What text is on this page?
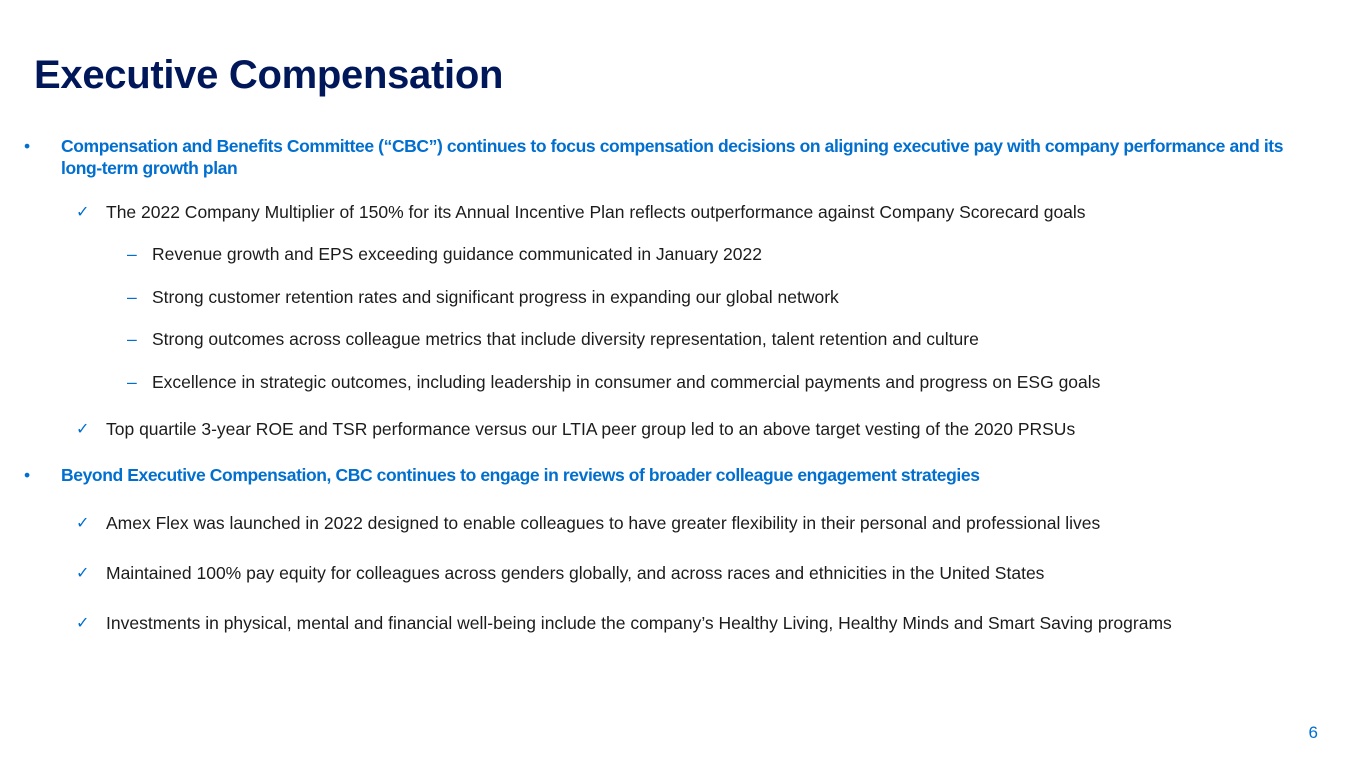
Executive Compensation
• Compensation and Benefits Committee (“CBC”) continues to focus compensation decisions on aligning executive pay with company performance and its long-term growth plan
✓ The 2022 Company Multiplier of 150% for its Annual Incentive Plan reflects outperformance against Company Scorecard goals
– Revenue growth and EPS exceeding guidance communicated in January 2022
– Strong customer retention rates and significant progress in expanding our global network
– Strong outcomes across colleague metrics that include diversity representation, talent retention and culture
– Excellence in strategic outcomes, including leadership in consumer and commercial payments and progress on ESG goals
✓ Top quartile 3-year ROE and TSR performance versus our LTIA peer group led to an above target vesting of the 2020 PRSUs
• Beyond Executive Compensation, CBC continues to engage in reviews of broader colleague engagement strategies
✓ Amex Flex was launched in 2022 designed to enable colleagues to have greater flexibility in their personal and professional lives
✓ Maintained 100% pay equity for colleagues across genders globally, and across races and ethnicities in the United States
✓ Investments in physical, mental and financial well-being include the company’s Healthy Living, Healthy Minds and Smart Saving programs
6
